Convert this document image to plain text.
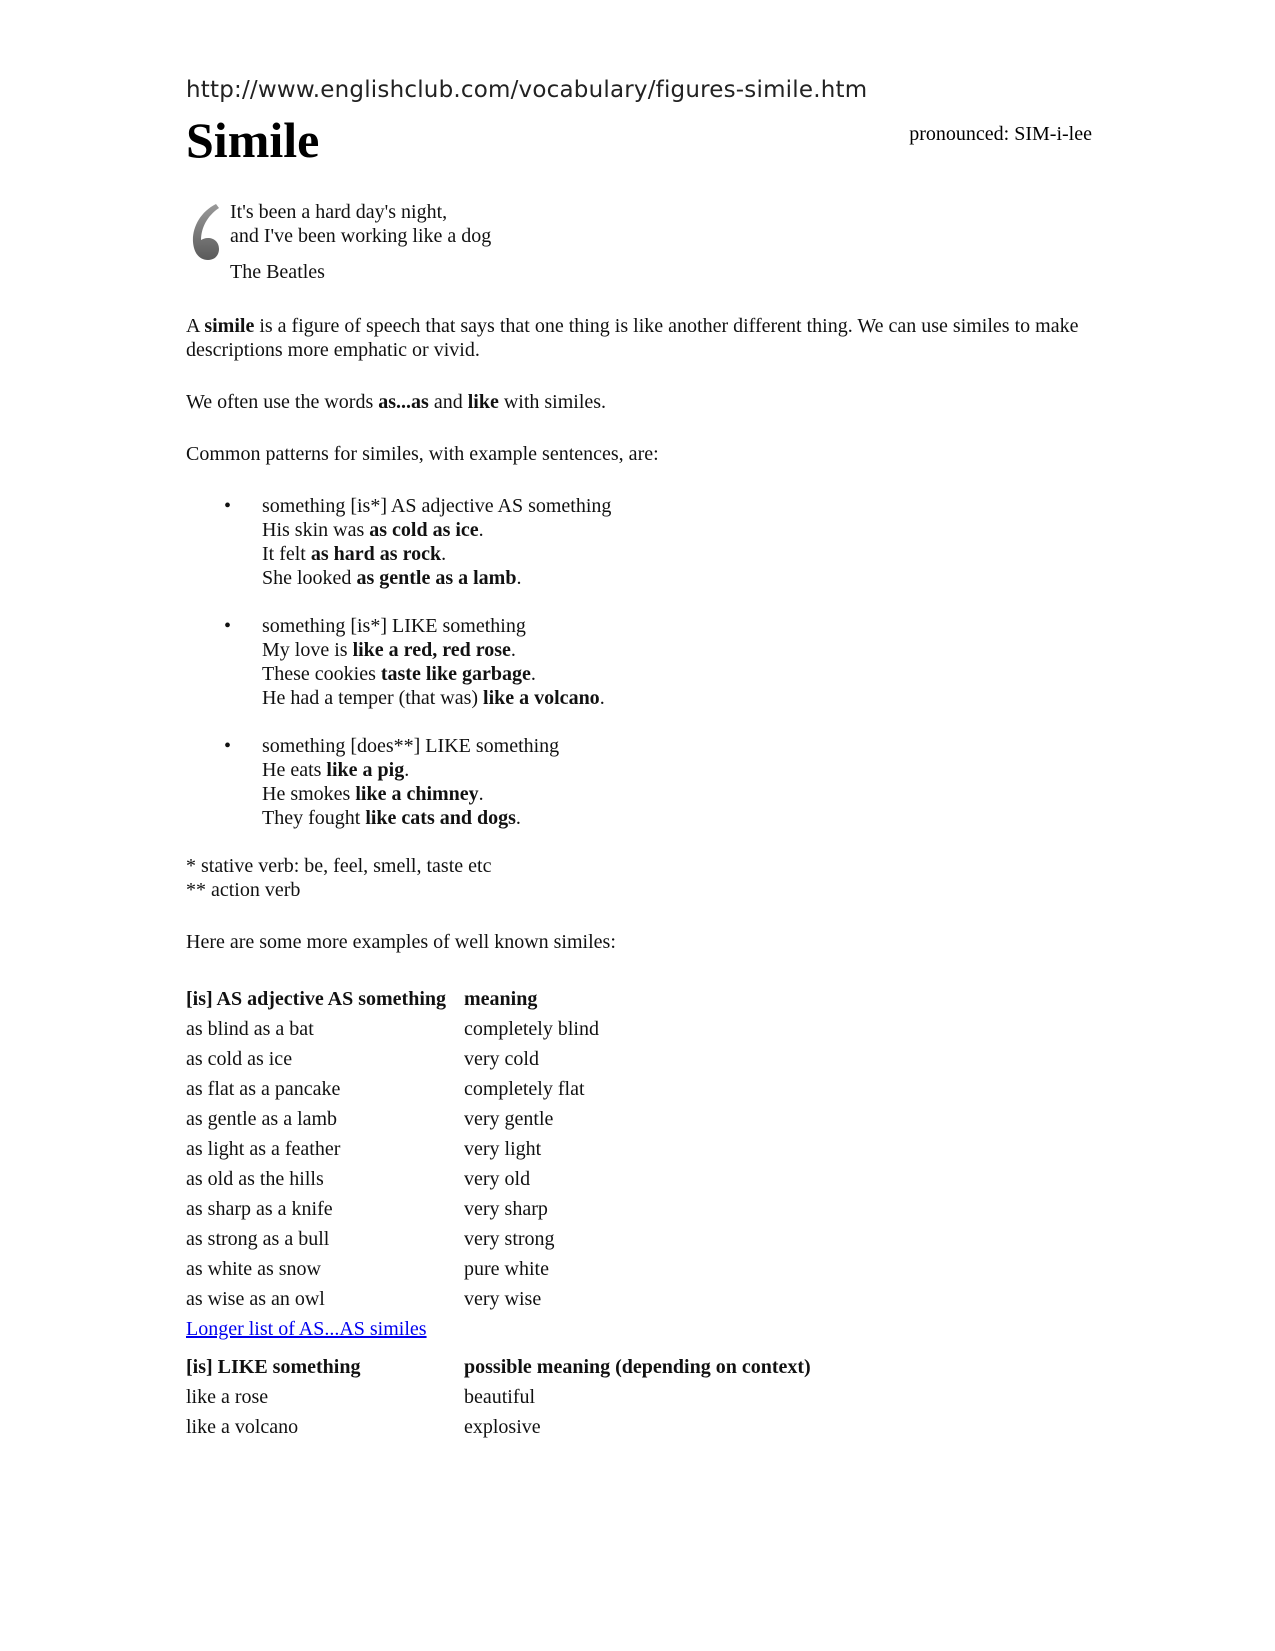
http://www.englishclub.com/vocabulary/figures-simile.htm
Simile	pronounced: SIM-i-lee
It's been a hard day's night,
and I've been working like a dog
The Beatles

A simile is a figure of speech that says that one thing is like another different thing. We can use similes to make descriptions more emphatic or vivid.

We often use the words as...as and like with similes.

Common patterns for similes, with example sentences, are:

• something [is*] AS adjective AS something
His skin was as cold as ice.
It felt as hard as rock.
She looked as gentle as a lamb.
• something [is*] LIKE something
My love is like a red, red rose.
These cookies taste like garbage.
He had a temper (that was) like a volcano.
• something [does**] LIKE something
He eats like a pig.
He smokes like a chimney.
They fought like cats and dogs.
* stative verb: be, feel, smell, taste etc
** action verb

Here are some more examples of well known similes:

[is] AS adjective AS something	meaning
as blind as a bat	completely blind
as cold as ice	very cold
as flat as a pancake	completely flat
as gentle as a lamb	very gentle
as light as a feather	very light
as old as the hills	very old
as sharp as a knife	very sharp
as strong as a bull	very strong
as white as snow	pure white
as wise as an owl	very wise
Longer list of AS...AS similes	

[is] LIKE something	possible meaning (depending on context)
like a rose	beautiful
like a volcano	explosive
